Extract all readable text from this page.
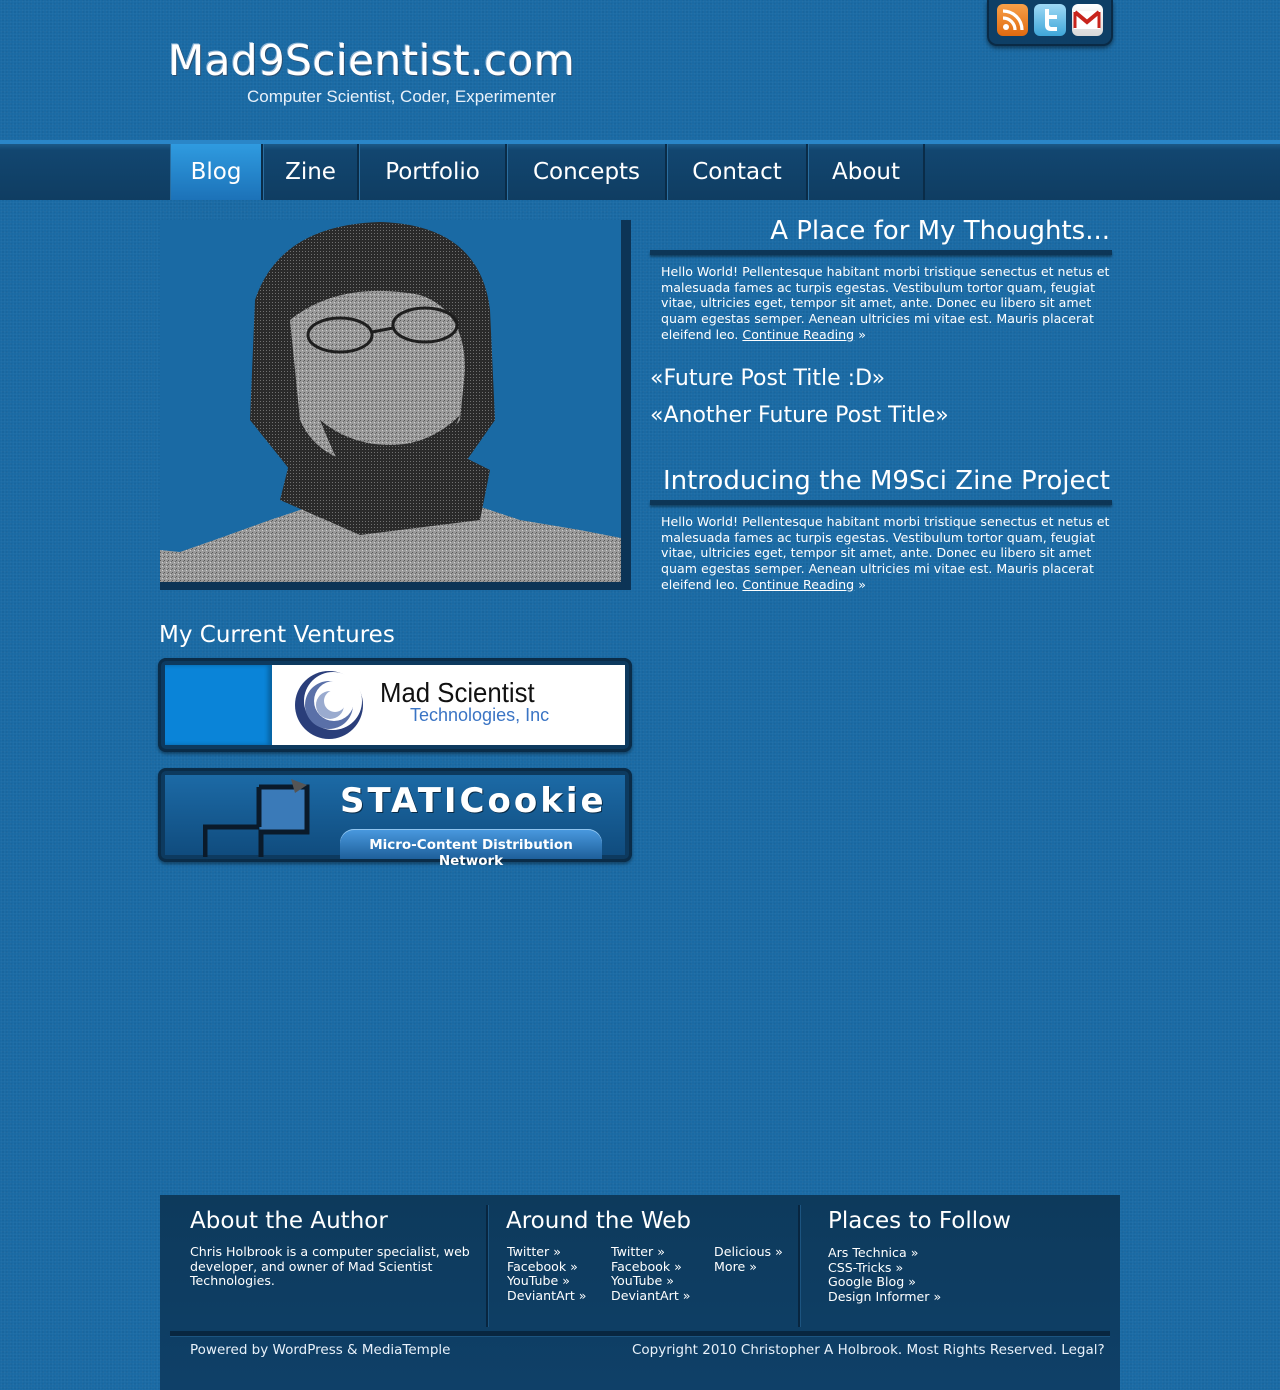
Mad9Scientist.com
Computer Scientist, Coder, Experimenter
Blog	Zine	Portfolio	Concepts	Contact	About
A Place for My Thoughts...
Hello World! Pellentesque habitant morbi tristique senectus et netus et malesuada fames ac turpis egestas. Vestibulum tortor quam, feugiat vitae, ultricies eget, tempor sit amet, ante. Donec eu libero sit amet quam egestas semper. Aenean ultricies mi vitae est. Mauris placerat eleifend leo. Continue Reading »
«Future Post Title :D»
«Another Future Post Title»
Introducing the M9Sci Zine Project
Hello World! Pellentesque habitant morbi tristique senectus et netus et malesuada fames ac turpis egestas. Vestibulum tortor quam, feugiat vitae, ultricies eget, tempor sit amet, ante. Donec eu libero sit amet quam egestas semper. Aenean ultricies mi vitae est. Mauris placerat eleifend leo. Continue Reading »
My Current Ventures
Mad Scientist
Technologies, Inc
STATICookie
Micro-Content Distribution Network
About the Author
Chris Holbrook is a computer specialist, web developer, and owner of Mad Scientist Technologies.
Around the Web
Twitter »
Facebook »
YouTube »
DeviantArt »
Twitter »
Facebook »
YouTube »
DeviantArt »
Delicious »
More »
Places to Follow
Ars Technica »
CSS-Tricks »
Google Blog »
Design Informer »
Powered by WordPress & MediaTemple	Copyright 2010 Christopher A Holbrook. Most Rights Reserved. Legal?
